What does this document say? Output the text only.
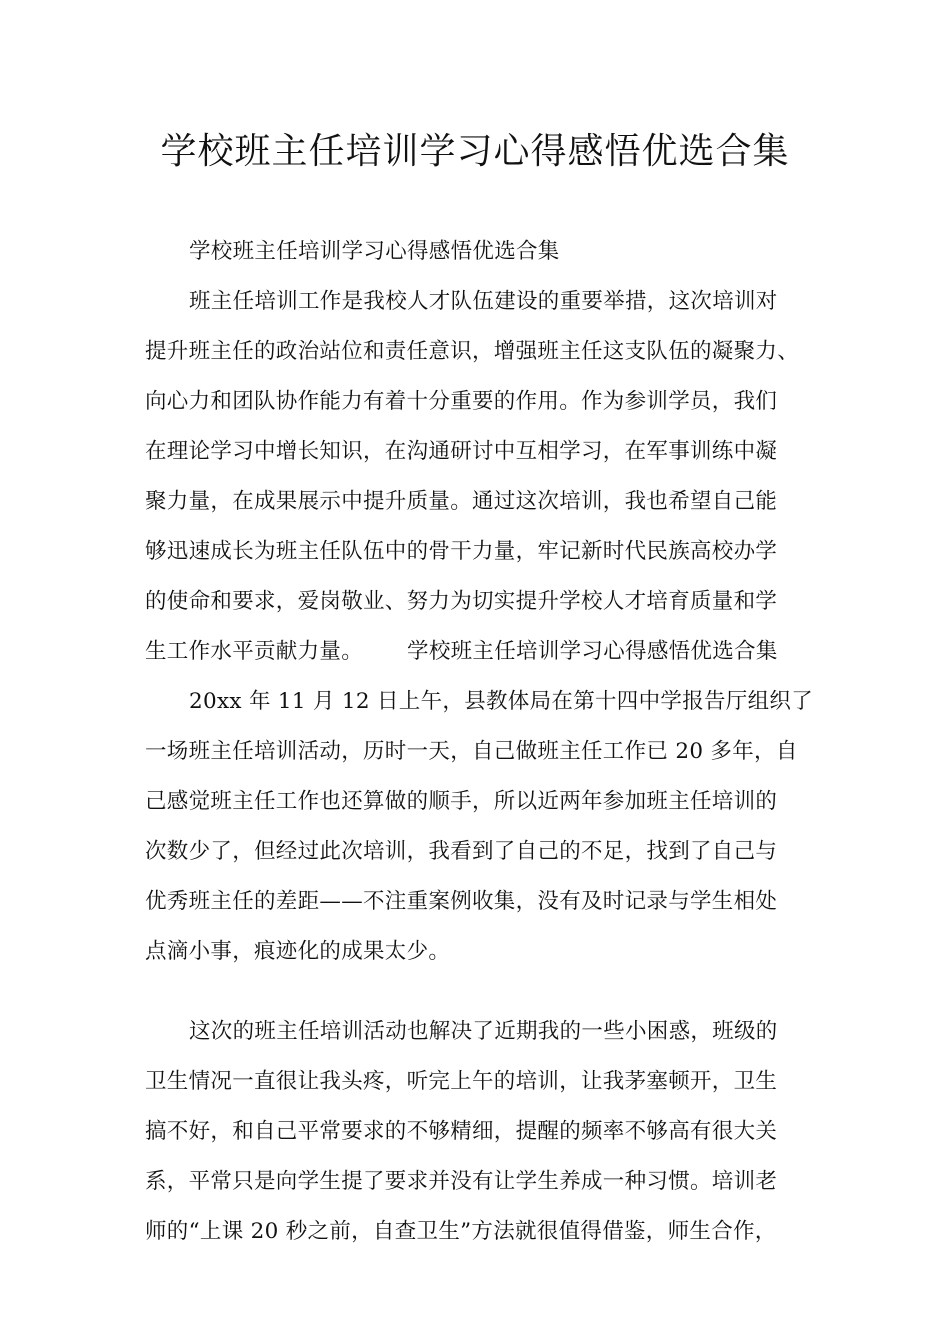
学校班主任培训学习心得感悟优选合集
学校班主任培训学习心得感悟优选合集
班主任培训工作是我校人才队伍建设的重要举措，这次培训对
提升班主任的政治站位和责任意识，增强班主任这支队伍的凝聚力、
向心力和团队协作能力有着十分重要的作用。作为参训学员，我们
在理论学习中增长知识，在沟通研讨中互相学习，在军事训练中凝
聚力量，在成果展示中提升质量。通过这次培训，我也希望自己能
够迅速成长为班主任队伍中的骨干力量，牢记新时代民族高校办学
的使命和要求，爱岗敬业、努力为切实提升学校人才培育质量和学
生工作水平贡献力量。 学校班主任培训学习心得感悟优选合集
20xx 年 11 月 12 日上午，县教体局在第十四中学报告厅组织了
一场班主任培训活动，历时一天，自己做班主任工作已 20 多年，自
己感觉班主任工作也还算做的顺手，所以近两年参加班主任培训的
次数少了，但经过此次培训，我看到了自己的不足，找到了自己与
优秀班主任的差距——不注重案例收集，没有及时记录与学生相处
点滴小事，痕迹化的成果太少。
这次的班主任培训活动也解决了近期我的一些小困惑，班级的
卫生情况一直很让我头疼，听完上午的培训，让我茅塞顿开，卫生
搞不好，和自己平常要求的不够精细，提醒的频率不够高有很大关
系，平常只是向学生提了要求并没有让学生养成一种习惯。培训老
师的“上课 20 秒之前，自查卫生”方法就很值得借鉴，师生合作，
